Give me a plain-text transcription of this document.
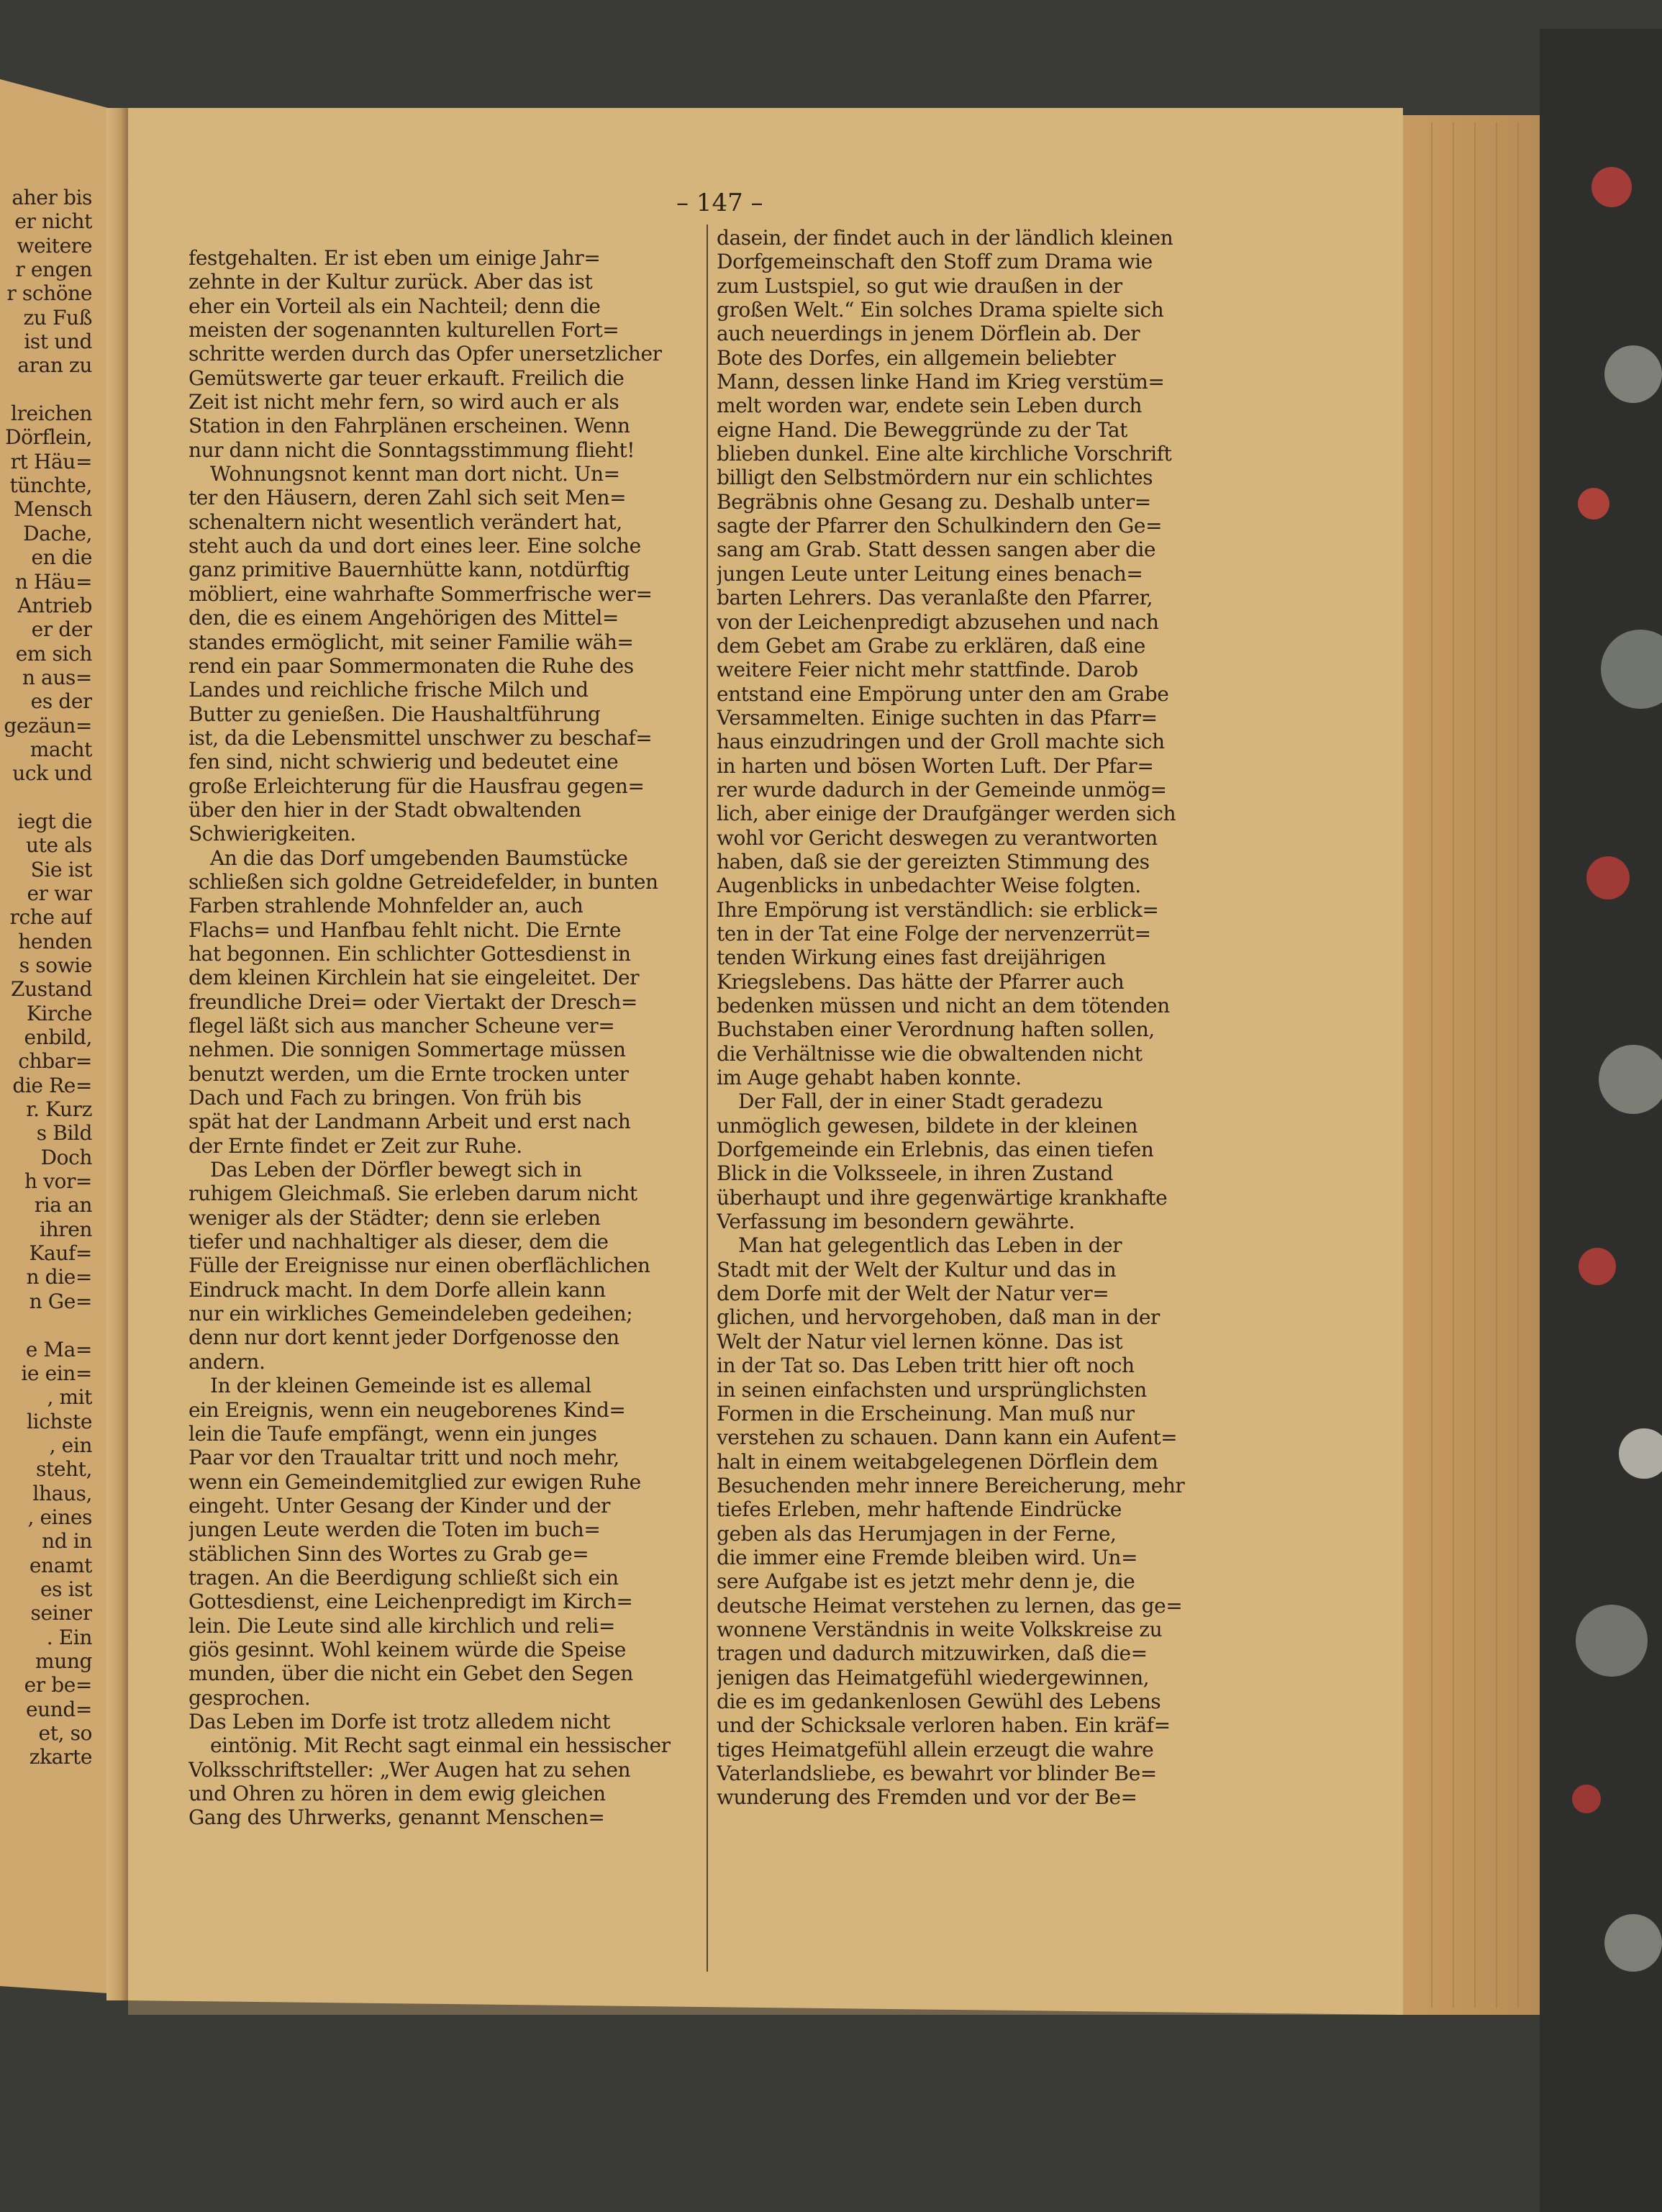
– 147 –
aher bis
er nicht
weitere
r engen
r schöne
zu Fuß
ist und
aran zu
lreichen
Dörflein,
rt Häu=
tünchte,
Mensch
Dache,
en die
n Häu=
Antrieb
er der
em sich
n aus=
es der
gezäun=
macht
uck und
iegt die
ute als
Sie ist
er war
rche auf
henden
s sowie
Zustand
Kirche
enbild,
chbar=
die Re=
r. Kurz
s Bild
Doch
h vor=
ria an
ihren
Kauf=
n die=
n Ge=
e Ma=
ie ein=
, mit
lichste
, ein
steht,
lhaus,
, eines
nd in
enamt
es ist
seiner
. Ein
mung
er be=
eund=
et, so
zkarte
festgehalten. Er ist eben um einige Jahr=
zehnte in der Kultur zurück. Aber das ist
eher ein Vorteil als ein Nachteil; denn die
meisten der sogenannten kulturellen Fort=
schritte werden durch das Opfer unersetzlicher
Gemütswerte gar teuer erkauft. Freilich die
Zeit ist nicht mehr fern, so wird auch er als
Station in den Fahrplänen erscheinen. Wenn
nur dann nicht die Sonntagsstimmung flieht!
Wohnungsnot kennt man dort nicht. Un=
ter den Häusern, deren Zahl sich seit Men=
schenaltern nicht wesentlich verändert hat,
steht auch da und dort eines leer. Eine solche
ganz primitive Bauernhütte kann, notdürftig
möbliert, eine wahrhafte Sommerfrische wer=
den, die es einem Angehörigen des Mittel=
standes ermöglicht, mit seiner Familie wäh=
rend ein paar Sommermonaten die Ruhe des
Landes und reichliche frische Milch und
Butter zu genießen. Die Haushaltführung
ist, da die Lebensmittel unschwer zu beschaf=
fen sind, nicht schwierig und bedeutet eine
große Erleichterung für die Hausfrau gegen=
über den hier in der Stadt obwaltenden
Schwierigkeiten.
An die das Dorf umgebenden Baumstücke
schließen sich goldne Getreidefelder, in bunten
Farben strahlende Mohnfelder an, auch
Flachs= und Hanfbau fehlt nicht. Die Ernte
hat begonnen. Ein schlichter Gottesdienst in
dem kleinen Kirchlein hat sie eingeleitet. Der
freundliche Drei= oder Viertakt der Dresch=
flegel läßt sich aus mancher Scheune ver=
nehmen. Die sonnigen Sommertage müssen
benutzt werden, um die Ernte trocken unter
Dach und Fach zu bringen. Von früh bis
spät hat der Landmann Arbeit und erst nach
der Ernte findet er Zeit zur Ruhe.
Das Leben der Dörfler bewegt sich in
ruhigem Gleichmaß. Sie erleben darum nicht
weniger als der Städter; denn sie erleben
tiefer und nachhaltiger als dieser, dem die
Fülle der Ereignisse nur einen oberflächlichen
Eindruck macht. In dem Dorfe allein kann
nur ein wirkliches Gemeindeleben gedeihen;
denn nur dort kennt jeder Dorfgenosse den
andern.
In der kleinen Gemeinde ist es allemal
ein Ereignis, wenn ein neugeborenes Kind=
lein die Taufe empfängt, wenn ein junges
Paar vor den Traualtar tritt und noch mehr,
wenn ein Gemeindemitglied zur ewigen Ruhe
eingeht. Unter Gesang der Kinder und der
jungen Leute werden die Toten im buch=
stäblichen Sinn des Wortes zu Grab ge=
tragen. An die Beerdigung schließt sich ein
Gottesdienst, eine Leichenpredigt im Kirch=
lein. Die Leute sind alle kirchlich und reli=
giös gesinnt. Wohl keinem würde die Speise
munden, über die nicht ein Gebet den Segen
gesprochen.
Das Leben im Dorfe ist trotz alledem nicht
eintönig. Mit Recht sagt einmal ein hessischer
Volksschriftsteller: „Wer Augen hat zu sehen
und Ohren zu hören in dem ewig gleichen
Gang des Uhrwerks, genannt Menschen=
dasein, der findet auch in der ländlich kleinen
Dorfgemeinschaft den Stoff zum Drama wie
zum Lustspiel, so gut wie draußen in der
großen Welt.“ Ein solches Drama spielte sich
auch neuerdings in jenem Dörflein ab. Der
Bote des Dorfes, ein allgemein beliebter
Mann, dessen linke Hand im Krieg verstüm=
melt worden war, endete sein Leben durch
eigne Hand. Die Beweggründe zu der Tat
blieben dunkel. Eine alte kirchliche Vorschrift
billigt den Selbstmördern nur ein schlichtes
Begräbnis ohne Gesang zu. Deshalb unter=
sagte der Pfarrer den Schulkindern den Ge=
sang am Grab. Statt dessen sangen aber die
jungen Leute unter Leitung eines benach=
barten Lehrers. Das veranlaßte den Pfarrer,
von der Leichenpredigt abzusehen und nach
dem Gebet am Grabe zu erklären, daß eine
weitere Feier nicht mehr stattfinde. Darob
entstand eine Empörung unter den am Grabe
Versammelten. Einige suchten in das Pfarr=
haus einzudringen und der Groll machte sich
in harten und bösen Worten Luft. Der Pfar=
rer wurde dadurch in der Gemeinde unmög=
lich, aber einige der Draufgänger werden sich
wohl vor Gericht deswegen zu verantworten
haben, daß sie der gereizten Stimmung des
Augenblicks in unbedachter Weise folgten.
Ihre Empörung ist verständlich: sie erblick=
ten in der Tat eine Folge der nervenzerrüt=
tenden Wirkung eines fast dreijährigen
Kriegslebens. Das hätte der Pfarrer auch
bedenken müssen und nicht an dem tötenden
Buchstaben einer Verordnung haften sollen,
die Verhältnisse wie die obwaltenden nicht
im Auge gehabt haben konnte.
Der Fall, der in einer Stadt geradezu
unmöglich gewesen, bildete in der kleinen
Dorfgemeinde ein Erlebnis, das einen tiefen
Blick in die Volksseele, in ihren Zustand
überhaupt und ihre gegenwärtige krankhafte
Verfassung im besondern gewährte.
Man hat gelegentlich das Leben in der
Stadt mit der Welt der Kultur und das in
dem Dorfe mit der Welt der Natur ver=
glichen, und hervorgehoben, daß man in der
Welt der Natur viel lernen könne. Das ist
in der Tat so. Das Leben tritt hier oft noch
in seinen einfachsten und ursprünglichsten
Formen in die Erscheinung. Man muß nur
verstehen zu schauen. Dann kann ein Aufent=
halt in einem weitabgelegenen Dörflein dem
Besuchenden mehr innere Bereicherung, mehr
tiefes Erleben, mehr haftende Eindrücke
geben als das Herumjagen in der Ferne,
die immer eine Fremde bleiben wird. Un=
sere Aufgabe ist es jetzt mehr denn je, die
deutsche Heimat verstehen zu lernen, das ge=
wonnene Verständnis in weite Volkskreise zu
tragen und dadurch mitzuwirken, daß die=
jenigen das Heimatgefühl wiedergewinnen,
die es im gedankenlosen Gewühl des Lebens
und der Schicksale verloren haben. Ein kräf=
tiges Heimatgefühl allein erzeugt die wahre
Vaterlandsliebe, es bewahrt vor blinder Be=
wunderung des Fremden und vor der Be=
